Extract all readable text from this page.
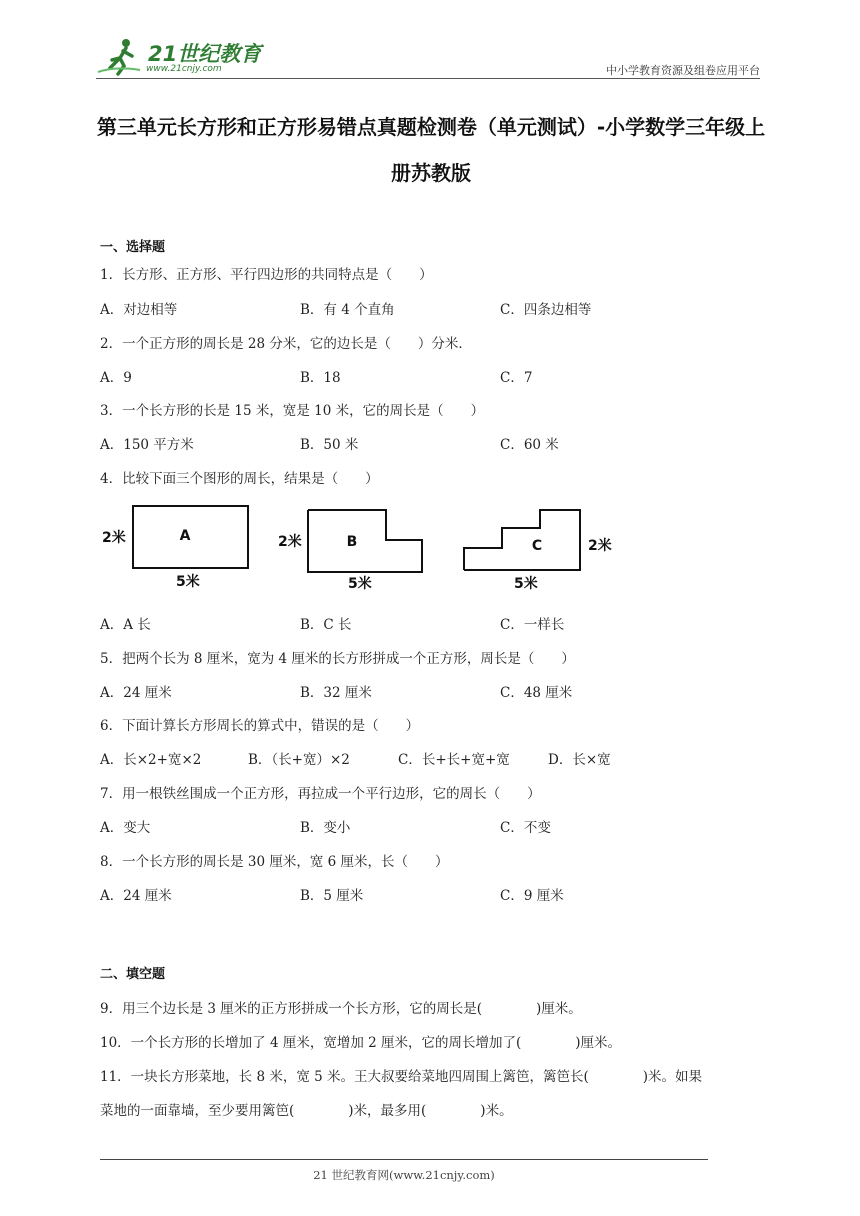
21世纪教育
www.21cnjy.com	中小学教育资源及组卷应用平台
第三单元长方形和正方形易错点真题检测卷（单元测试）-小学数学三年级上册苏教版
一、选择题
1．长方形、正方形、平行四边形的共同特点是（　　）
A．对边相等	B．有 4 个直角	C．四条边相等
2．一个正方形的周长是 28 分米，它的边长是（　　）分米．
A．9	B．18	C．7
3．一个长方形的长是 15 米，宽是 10 米，它的周长是（　　）
A．150 平方米	B．50 米	C．60 米
4．比较下面三个图形的周长，结果是（　　）
A
2米
5米
B
2米
5米
C	2米
5米
A．A 长	B．C 长	C．一样长
5．把两个长为 8 厘米，宽为 4 厘米的长方形拼成一个正方形，周长是（　　）
A．24 厘米	B．32 厘米	C．48 厘米
6．下面计算长方形周长的算式中，错误的是（　　）
A．长×2+宽×2	B．（长+宽）×2	C．长+长+宽+宽	D．长×宽
7．用一根铁丝围成一个正方形，再拉成一个平行边形，它的周长（　　）
A．变大	B．变小	C．不变
8．一个长方形的周长是 30 厘米，宽 6 厘米，长（　　）
A．24 厘米	B．5 厘米	C．9 厘米
二、填空题
9．用三个边长是 3 厘米的正方形拼成一个长方形，它的周长是(　　　　)厘米。
10．一个长方形的长增加了 4 厘米，宽增加 2 厘米，它的周长增加了(　　　　)厘米。
11．一块长方形菜地，长 8 米，宽 5 米。王大叔要给菜地四周围上篱笆，篱笆长(　　　　)米。如果
菜地的一面靠墙，至少要用篱笆(　　　　)米，最多用(　　　　)米。
21 世纪教育网(www.21cnjy.com)
